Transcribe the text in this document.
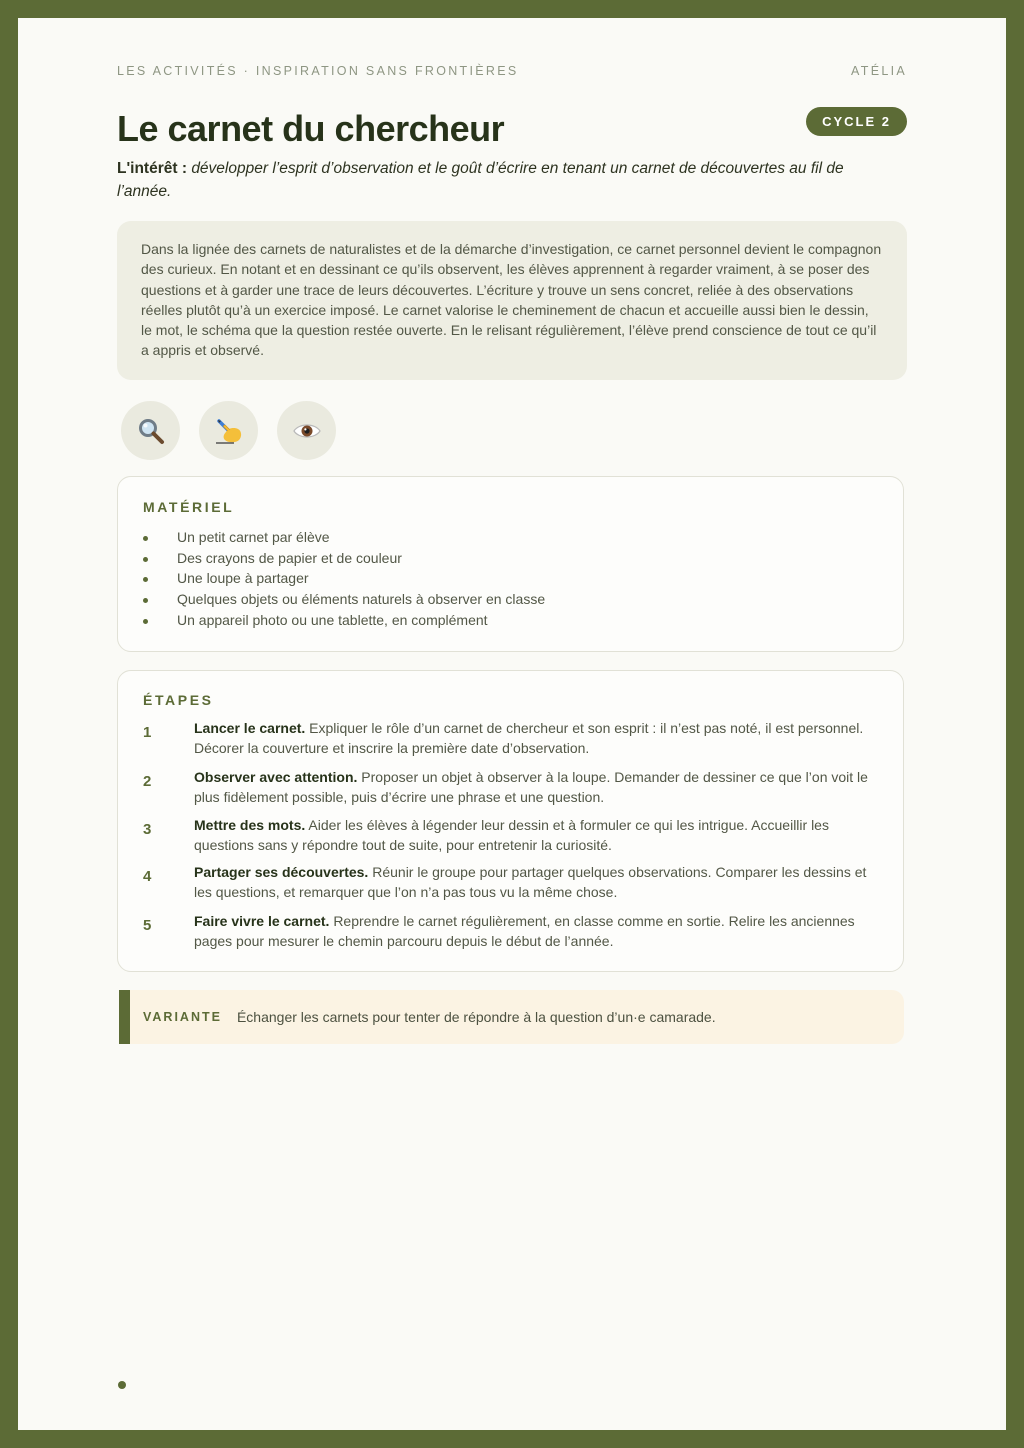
LES ACTIVITÉS · INSPIRATION SANS FRONTIÈRES	ATÉLIA
CYCLE 2
Le carnet du chercheur
L'intérêt : développer l’esprit d’observation et le goût d’écrire en tenant un carnet de découvertes au fil de l’année.
Dans la lignée des carnets de naturalistes et de la démarche d’investigation, ce carnet personnel devient le compagnon des curieux. En notant et en dessinant ce qu’ils observent, les élèves apprennent à regarder vraiment, à se poser des questions et à garder une trace de leurs découvertes. L’écriture y trouve un sens concret, reliée à des observations réelles plutôt qu’à un exercice imposé. Le carnet valorise le cheminement de chacun et accueille aussi bien le dessin, le mot, le schéma que la question restée ouverte. En le relisant régulièrement, l’élève prend conscience de tout ce qu’il a appris et observé.
MATÉRIEL
Un petit carnet par élève
Des crayons de papier et de couleur
Une loupe à partager
Quelques objets ou éléments naturels à observer en classe
Un appareil photo ou une tablette, en complément
ÉTAPES
1	Lancer le carnet. Expliquer le rôle d’un carnet de chercheur et son esprit : il n’est pas noté, il est personnel. Décorer la couverture et inscrire la première date d’observation.
2	Observer avec attention. Proposer un objet à observer à la loupe. Demander de dessiner ce que l’on voit le plus fidèlement possible, puis d’écrire une phrase et une question.
3	Mettre des mots. Aider les élèves à légender leur dessin et à formuler ce qui les intrigue. Accueillir les questions sans y répondre tout de suite, pour entretenir la curiosité.
4	Partager ses découvertes. Réunir le groupe pour partager quelques observations. Comparer les dessins et les questions, et remarquer que l’on n’a pas tous vu la même chose.
5	Faire vivre le carnet. Reprendre le carnet régulièrement, en classe comme en sortie. Relire les anciennes pages pour mesurer le chemin parcouru depuis le début de l’année.
VARIANTE Échanger les carnets pour tenter de répondre à la question d’un·e camarade.
